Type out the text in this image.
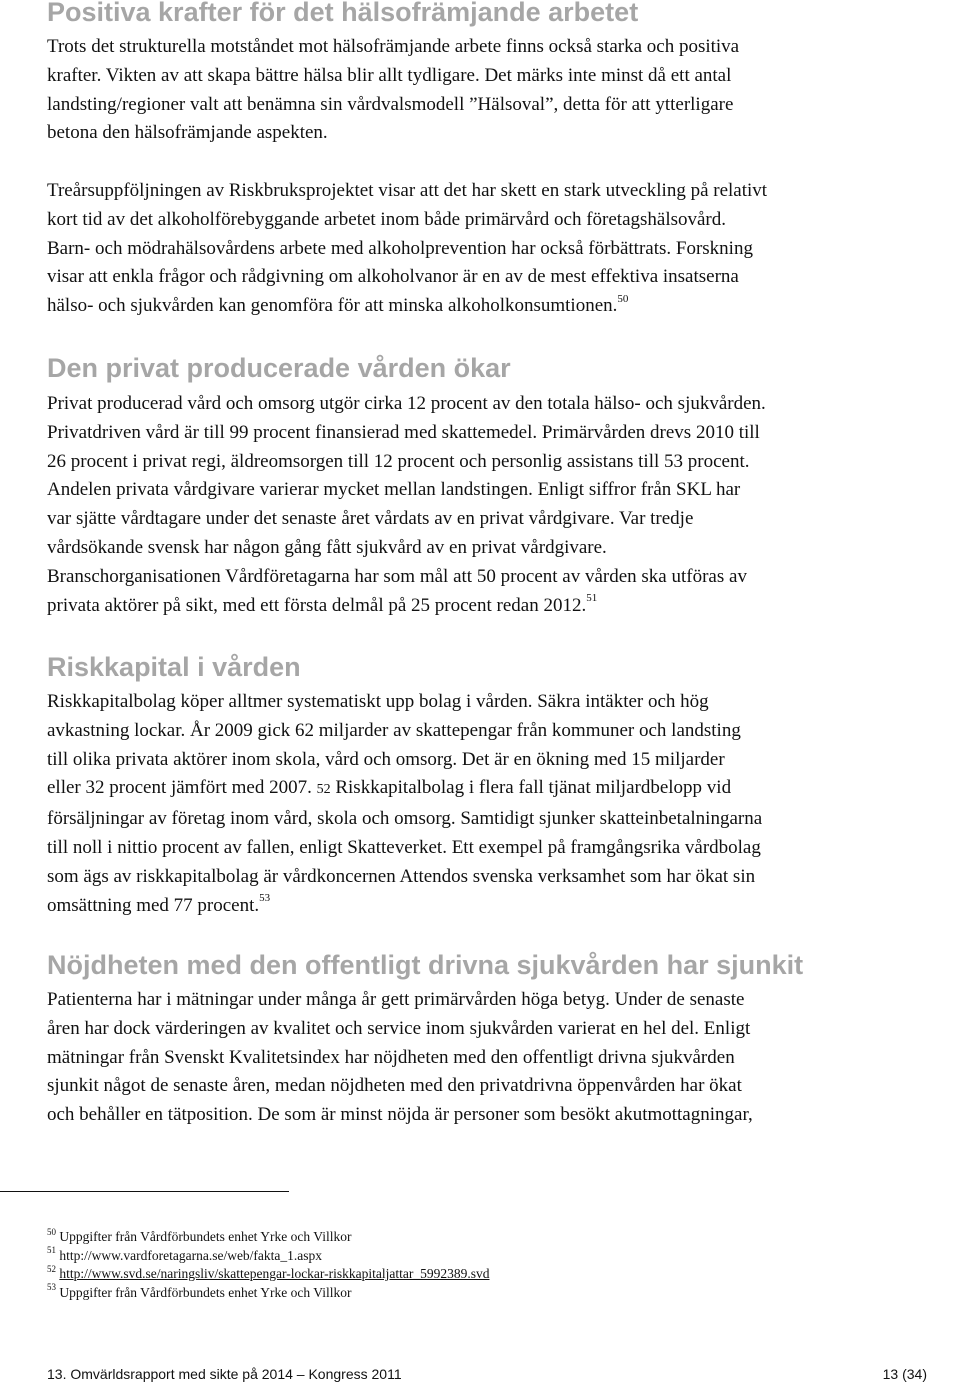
Positiva krafter för det hälsofrämjande arbetet

Trots det strukturella motståndet mot hälsofrämjande arbete finns också starka och positiva
krafter. Vikten av att skapa bättre hälsa blir allt tydligare. Det märks inte minst då ett antal
landsting/regioner valt att benämna sin vårdvalsmodell ”Hälsoval”, detta för att ytterligare
betona den hälsofrämjande aspekten.

Treårsuppföljningen av Riskbruksprojektet visar att det har skett en stark utveckling på relativt
kort tid av det alkoholförebyggande arbetet inom både primärvård och företagshälsovård.
Barn- och mödrahälsovårdens arbete med alkoholprevention har också förbättrats. Forskning
visar att enkla frågor och rådgivning om alkoholvanor är en av de mest effektiva insatserna
hälso- och sjukvården kan genomföra för att minska alkoholkonsumtionen.$^{50}$

Den privat producerade vården ökar

Privat producerad vård och omsorg utgör cirka 12 procent av den totala hälso- och sjukvården.
Privatdriven vård är till 99 procent finansierad med skattemedel. Primärvården drevs 2010 till
26 procent i privat regi, äldreomsorgen till 12 procent och personlig assistans till 53 procent.
Andelen privata vårdgivare varierar mycket mellan landstingen. Enligt siffror från SKL har
var sjätte vårdtagare under det senaste året vårdats av en privat vårdgivare. Var tredje
vårdsökande svensk har någon gång fått sjukvård av en privat vårdgivare.
Branschorganisationen Vårdföretagarna har som mål att 50 procent av vården ska utföras av
privata aktörer på sikt, med ett första delmål på 25 procent redan 2012.51

Riskkapital i vården

Riskkapitalbolag köper alltmer systematiskt upp bolag i vården. Säkra intäkter och hög
avkastning lockar. År 2009 gick 62 miljarder av skattepengar från kommuner och landsting
till olika privata aktörer inom skola, vård och omsorg. Det är en ökning med 15 miljarder
eller 32 procent jämfört med 2007. 52 Riskkapitalbolag i flera fall tjänat miljardbelopp vid
försäljningar av företag inom vård, skola och omsorg. Samtidigt sjunker skatteinbetalningarna
till noll i nittio procent av fallen, enligt Skatteverket. Ett exempel på framgångsrika vårdbolag
som ägs av riskkapitalbolag är vårdkoncernen Attendos svenska verksamhet som har ökat sin
omsättning med 77 procent.$^{53}$

Nöjdheten med den offentligt drivna sjukvården har sjunkit

Patienterna har i mätningar under många år gett primärvården höga betyg. Under de senaste
åren har dock värderingen av kvalitet och service inom sjukvården varierat en hel del. Enligt
mätningar från Svenskt Kvalitetsindex har nöjdheten med den offentligt drivna sjukvården
sjunkit något de senaste åren, medan nöjdheten med den privatdrivna öppenvården har ökat
och behåller en tätposition. De som är minst nöjda är personer som besökt akutmottagningar,

$^{50}$ Uppgifter från Vårdförbundets enhet Yrke och Villkor
$^{51}$ http://www.vardforetagarna.se/web/fakta_1.aspx
$^{52}$ http://www.svd.se/naringsliv/skattepengar-lockar-riskkapitaljattar_5992389.svd
$^{53}$ Uppgifter från Vårdförbundets enhet Yrke och Villkor
13. Omvärldsrapport med sikte på 2014 – Kongress 2011	13 (34)
